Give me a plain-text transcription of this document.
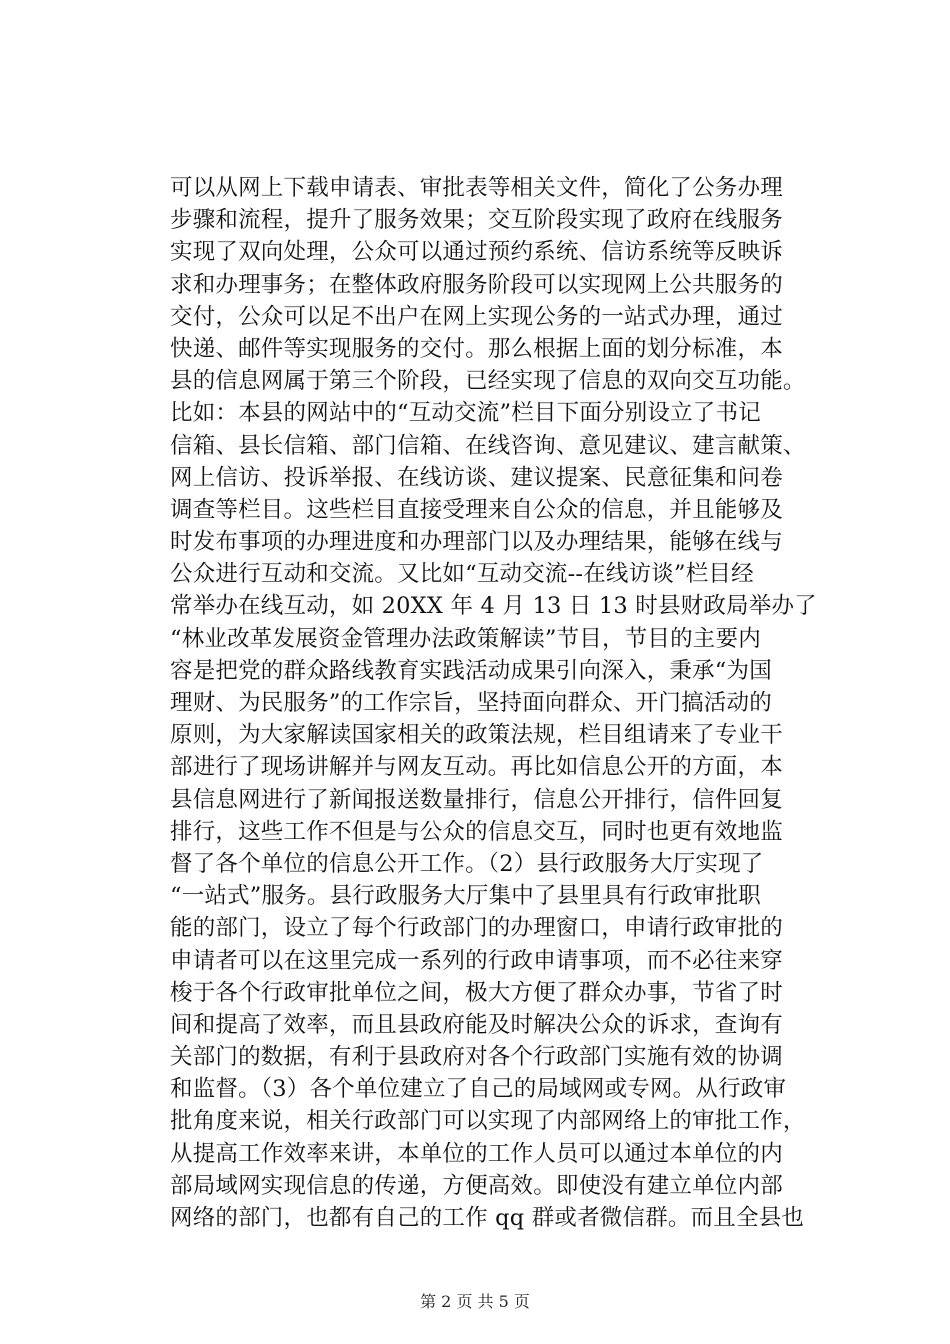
可以从网上下载申请表、审批表等相关文件，简化了公务办理
步骤和流程，提升了服务效果；交互阶段实现了政府在线服务
实现了双向处理，公众可以通过预约系统、信访系统等反映诉
求和办理事务；在整体政府服务阶段可以实现网上公共服务的
交付，公众可以足不出户在网上实现公务的一站式办理，通过
快递、邮件等实现服务的交付。那么根据上面的划分标准，本
县的信息网属于第三个阶段，已经实现了信息的双向交互功能。
比如：本县的网站中的“互动交流”栏目下面分别设立了书记
信箱、县长信箱、部门信箱、在线咨询、意见建议、建言献策、
网上信访、投诉举报、在线访谈、建议提案、民意征集和问卷
调查等栏目。这些栏目直接受理来自公众的信息，并且能够及
时发布事项的办理进度和办理部门以及办理结果，能够在线与
公众进行互动和交流。又比如“互动交流--在线访谈”栏目经
常举办在线互动，如 20XX 年 4 月 13 日 13 时县财政局举办了
“林业改革发展资金管理办法政策解读”节目，节目的主要内
容是把党的群众路线教育实践活动成果引向深入，秉承“为国
理财、为民服务”的工作宗旨，坚持面向群众、开门搞活动的
原则，为大家解读国家相关的政策法规，栏目组请来了专业干
部进行了现场讲解并与网友互动。再比如信息公开的方面，本
县信息网进行了新闻报送数量排行，信息公开排行，信件回复
排行，这些工作不但是与公众的信息交互，同时也更有效地监
督了各个单位的信息公开工作。（2）县行政服务大厅实现了
“一站式”服务。县行政服务大厅集中了县里具有行政审批职
能的部门，设立了每个行政部门的办理窗口，申请行政审批的
申请者可以在这里完成一系列的行政申请事项，而不必往来穿
梭于各个行政审批单位之间，极大方便了群众办事，节省了时
间和提高了效率，而且县政府能及时解决公众的诉求，查询有
关部门的数据，有利于县政府对各个行政部门实施有效的协调
和监督。（3）各个单位建立了自己的局域网或专网。从行政审
批角度来说，相关行政部门可以实现了内部网络上的审批工作，
从提高工作效率来讲，本单位的工作人员可以通过本单位的内
部局域网实现信息的传递，方便高效。即使没有建立单位内部
网络的部门，也都有自己的工作 qq 群或者微信群。而且全县也
第 2 页 共 5 页
